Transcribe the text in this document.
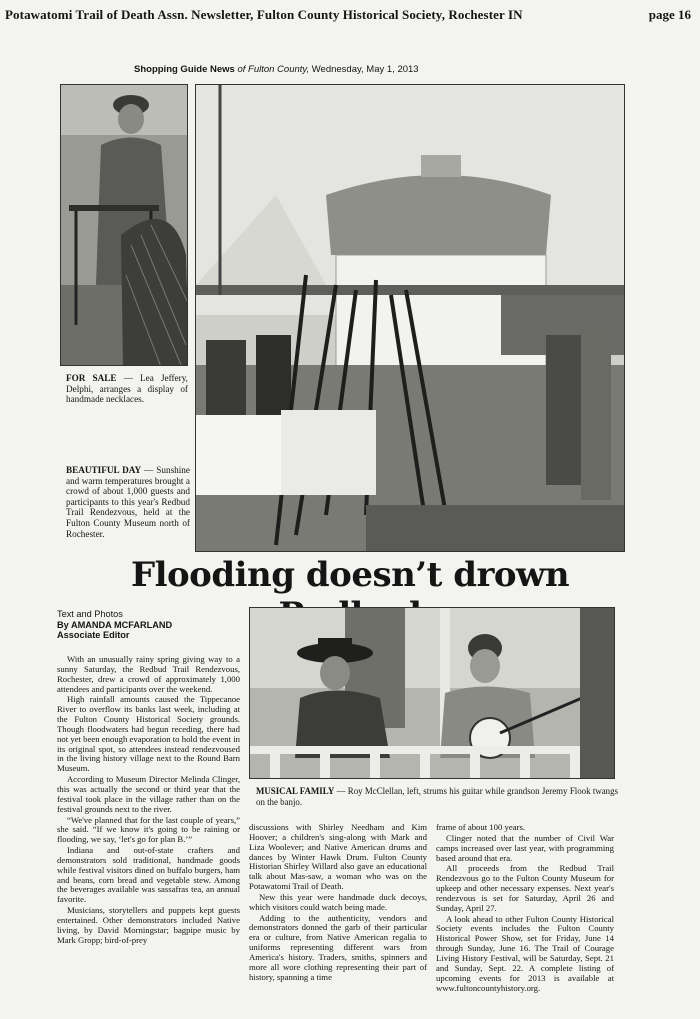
Potawatomi Trail of Death Assn. Newsletter, Fulton County Historical Society, Rochester IN	page 16
Shopping Guide News of Fulton County, Wednesday, May 1, 2013
FOR SALE — Lea Jeffery, Delphi, arranges a display of handmade necklaces.
BEAUTIFUL DAY — Sunshine and warm temperatures brought a crowd of about 1,000 guests and participants to this year's Redbud Trail Rendezvous, held at the Fulton County Museum north of Rochester.
Flooding doesn’t drown
Text and Photos
By AMANDA MCFARLAND
Associate Editor
MUSICAL FAMILY — Roy McClellan, left, strums his guitar while grandson Jeremy Flook twangs on the banjo.

With an unusually rainy spring giving way to a sunny Saturday, the Redbud Trail Rendezvous, Rochester, drew a crowd of approximately 1,000 attendees and participants over the weekend.

High rainfall amounts caused the Tippecanoe River to overflow its banks last week, including at the Fulton County Historical Society grounds. Though floodwaters had begun receding, there had not yet been enough evaporation to hold the event in its original spot, so attendees instead rendezvoused in the living history village next to the Round Barn Museum.

According to Museum Director Melinda Clinger, this was actually the second or third year that the festival took place in the village rather than on the festival grounds next to the river.

“We've planned that for the last couple of years,” she said. “If we know it's going to be raining or flooding, we say, ‘let's go for plan B.’”

Indiana and out-of-state crafters and demonstrators sold traditional, handmade goods while festival visitors dined on buffalo burgers, ham and beans, corn bread and vegetable stew. Among the beverages available was sassafras tea, an annual favorite.

Musicians, storytellers and puppets kept guests entertained. Other demonstrators included Native living, by David Morningstar; bagpipe music by Mark Gropp; bird-of-prey

discussions with Shirley Needham and Kim Hoover; a children's sing-along with Mark and Liza Woolever; and Native American drums and dances by Winter Hawk Drum. Fulton County Historian Shirley Willard also gave an educational talk about Mas-saw, a woman who was on the Potawatomi Trail of Death.

New this year were handmade duck decoys, which visitors could watch being made.

Adding to the authenticity, vendors and demonstrators donned the garb of their particular era or culture, from Native American regalia to uniforms representing different wars from America's history. Traders, smiths, spinners and more all wore clothing representing their part of history, spanning a time

frame of about 100 years.

Clinger noted that the number of Civil War camps increased over last year, with programming based around that era.

All proceeds from the Redbud Trail Rendezvous go to the Fulton County Museum for upkeep and other necessary expenses. Next year's rendezvous is set for Saturday, April 26 and Sunday, April 27.

A look ahead to other Fulton County Historical Society events includes the Fulton County Historical Power Show, set for Friday, June 14 through Sunday, June 16. The Trail of Courage Living History Festival, will be Saturday, Sept. 21 and Sunday, Sept. 22. A complete listing of upcoming events for 2013 is available at www.fultoncountyhistory.org.
